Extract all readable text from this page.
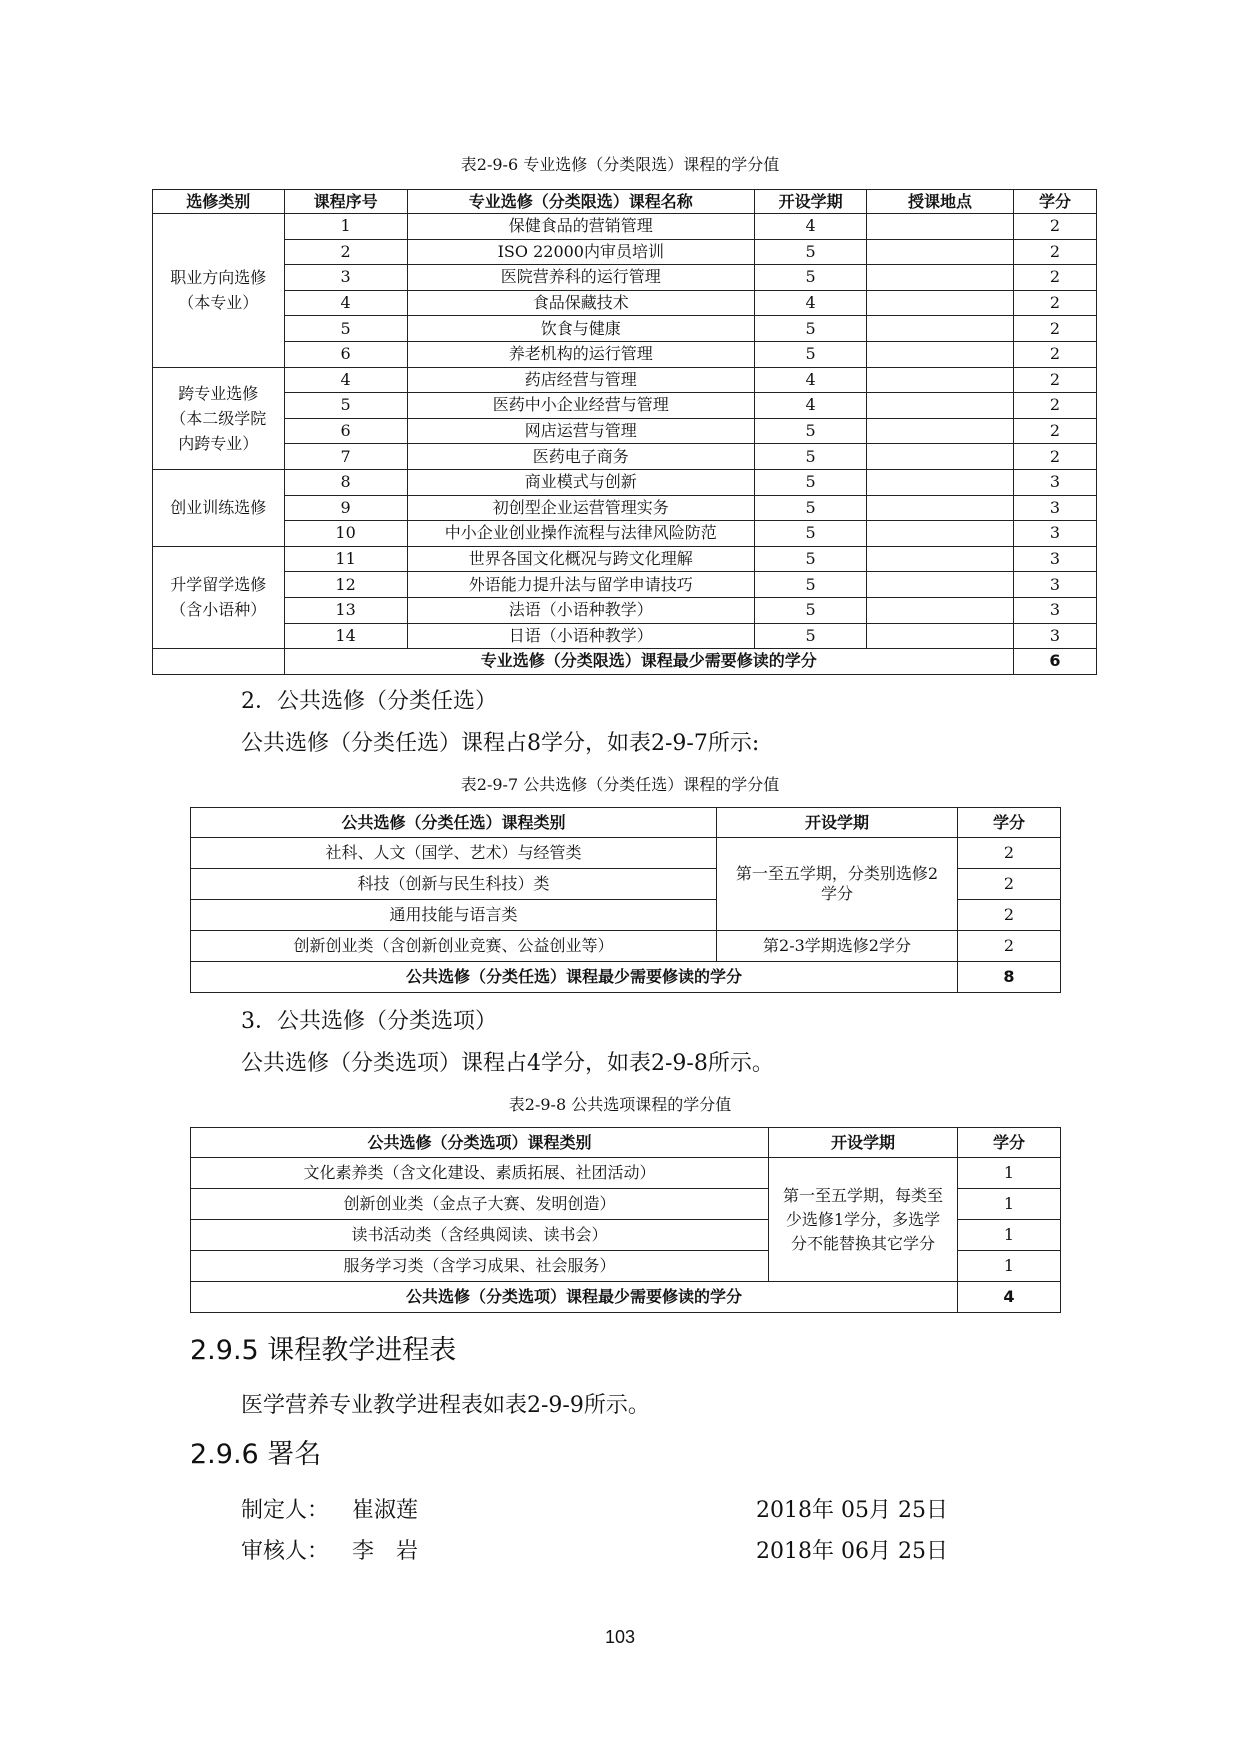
表2-9-6 专业选修（分类限选）课程的学分值
选修类别	课程序号	专业选修（分类限选）课程名称	开设学期	授课地点	学分
职业方向选修（本专业）	1	保健食品的营销管理	4		2
	2	ISO 22000内审员培训	5		2
	3	医院营养科的运行管理	5		2
	4	食品保藏技术	4		2
	5	饮食与健康	5		2
	6	养老机构的运行管理	5		2
跨专业选修（本二级学院内跨专业）	4	药店经营与管理	4		2
	5	医药中小企业经营与管理	4		2
	6	网店运营与管理	5		2
	7	医药电子商务	5		2
创业训练选修	8	商业模式与创新	5		3
	9	初创型企业运营管理实务	5		3
	10	中小企业创业操作流程与法律风险防范	5		3
升学留学选修（含小语种）	11	世界各国文化概况与跨文化理解	5		3
	12	外语能力提升法与留学申请技巧	5		3
	13	法语（小语种教学）	5		3
	14	日语（小语种教学）	5		3
	专业选修（分类限选）课程最少需要修读的学分				6
2．公共选修（分类任选）
公共选修（分类任选）课程占8学分，如表2-9-7所示:
表2-9-7 公共选修（分类任选）课程的学分值
公共选修（分类任选）课程类别	开设学期	学分
社科、人文（国学、艺术）与经管类	第一至五学期，分类别选修2学分	2
科技（创新与民生科技）类		2
通用技能与语言类		2
创新创业类（含创新创业竞赛、公益创业等）	第2-3学期选修2学分	2
公共选修（分类任选）课程最少需要修读的学分		8
3．公共选修（分类选项）
公共选修（分类选项）课程占4学分，如表2-9-8所示。
表2-9-8 公共选项课程的学分值
公共选修（分类选项）课程类别	开设学期	学分
文化素养类（含文化建设、素质拓展、社团活动）	第一至五学期，每类至少选修1学分，多选学分不能替换其它学分	1
创新创业类（金点子大赛、发明创造）		1
读书活动类（含经典阅读、读书会）		1
服务学习类（含学习成果、社会服务）		1
公共选修（分类选项）课程最少需要修读的学分		4
2.9.5 课程教学进程表
医学营养专业教学进程表如表2-9-9所示。
2.9.6 署名
制定人： 崔淑莲	2018年 05月 25日
审核人： 李　岩	2018年 06月 25日
103
